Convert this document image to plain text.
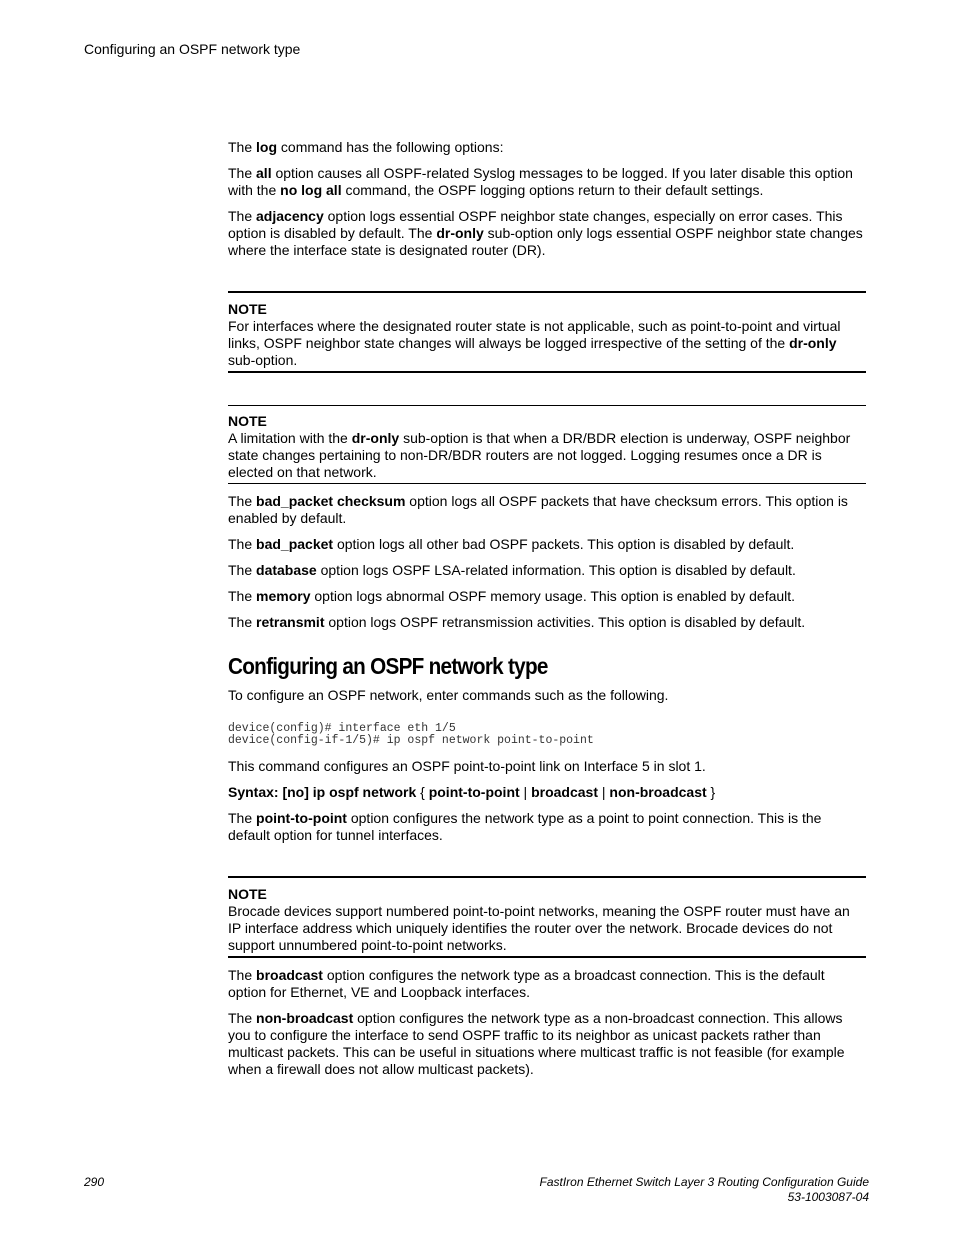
Configuring an OSPF network type

The log command has the following options:

The all option causes all OSPF-related Syslog messages to be logged. If you later disable this option with the no log all command, the OSPF logging options return to their default settings.

The adjacency option logs essential OSPF neighbor state changes, especially on error cases. This option is disabled by default. The dr-only sub-option only logs essential OSPF neighbor state changes where the interface state is designated router (DR).

NOTE
For interfaces where the designated router state is not applicable, such as point-to-point and virtual links, OSPF neighbor state changes will always be logged irrespective of the setting of the dr-only sub-option.
NOTE
A limitation with the dr-only sub-option is that when a DR/BDR election is underway, OSPF neighbor state changes pertaining to non-DR/BDR routers are not logged. Logging resumes once a DR is elected on that network.

The bad_packet checksum option logs all OSPF packets that have checksum errors. This option is enabled by default.

The bad_packet option logs all other bad OSPF packets. This option is disabled by default.

The database option logs OSPF LSA-related information. This option is disabled by default.

The memory option logs abnormal OSPF memory usage. This option is enabled by default.

The retransmit option logs OSPF retransmission activities. This option is disabled by default.

Configuring an OSPF network type

To configure an OSPF network, enter commands such as the following.

device(config)# interface eth 1/5
device(config-if-1/5)# ip ospf network point-to-point

This command configures an OSPF point-to-point link on Interface 5 in slot 1.

Syntax: [no] ip ospf network { point-to-point | broadcast | non-broadcast }

The point-to-point option configures the network type as a point to point connection. This is the default option for tunnel interfaces.

NOTE
Brocade devices support numbered point-to-point networks, meaning the OSPF router must have an IP interface address which uniquely identifies the router over the network. Brocade devices do not support unnumbered point-to-point networks.

The broadcast option configures the network type as a broadcast connection. This is the default option for Ethernet, VE and Loopback interfaces.

The non-broadcast option configures the network type as a non-broadcast connection. This allows you to configure the interface to send OSPF traffic to its neighbor as unicast packets rather than multicast packets. This can be useful in situations where multicast traffic is not feasible (for example when a firewall does not allow multicast packets).

290	FastIron Ethernet Switch Layer 3 Routing Configuration Guide
53-1003087-04
